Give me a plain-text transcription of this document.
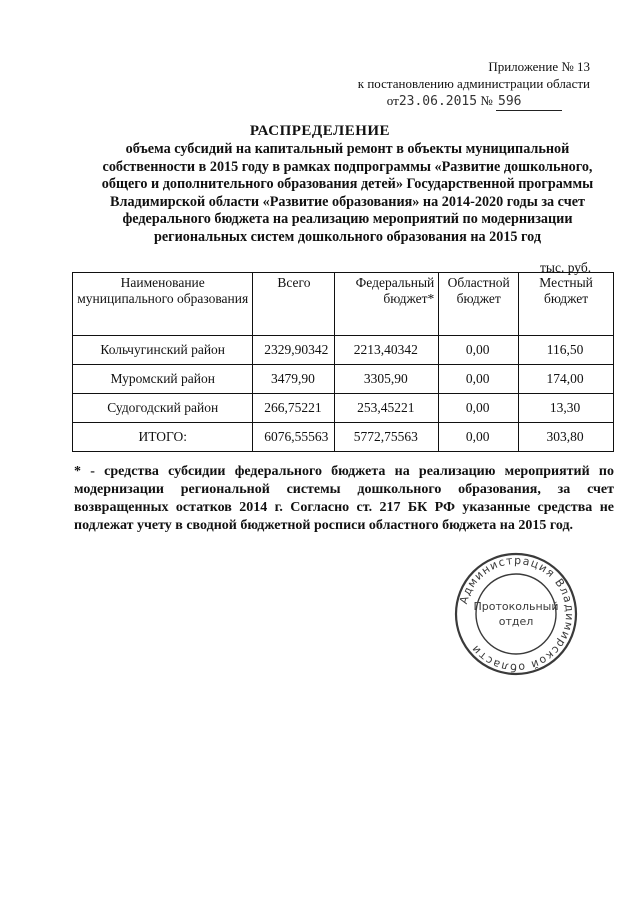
Приложение № 13
к постановлению администрации области
от23.06.2015 № 596
РАСПРЕДЕЛЕНИЕ
объема субсидий на капитальный ремонт в объекты муниципальной собственности в 2015 году в рамках подпрограммы «Развитие дошкольного, общего и дополнительного образования детей» Государственной программы Владимирской области «Развитие образования» на 2014-2020 годы за счет федерального бюджета на реализацию мероприятий по модернизации региональных систем дошкольного образования на 2015 год
тыс. руб.
Наименование муниципального образования	Всего	Федеральный бюджет*	Областной бюджет	Местный бюджет
Кольчугинский район	2329,90342	2213,40342	0,00	116,50
Муромский район	3479,90	3305,90	0,00	174,00
Судогодский район	266,75221	253,45221	0,00	13,30
ИТОГО:	6076,55563	5772,75563	0,00	303,80
* - средства субсидии федерального бюджета на реализацию мероприятий по модернизации региональной системы дошкольного образования, за счет возвращенных остатков 2014 г. Согласно ст. 217 БК РФ указанные средства не подлежат учету в сводной бюджетной росписи областного бюджета на 2015 год.
Администрация Владимирской области
Протокольный
отдел
